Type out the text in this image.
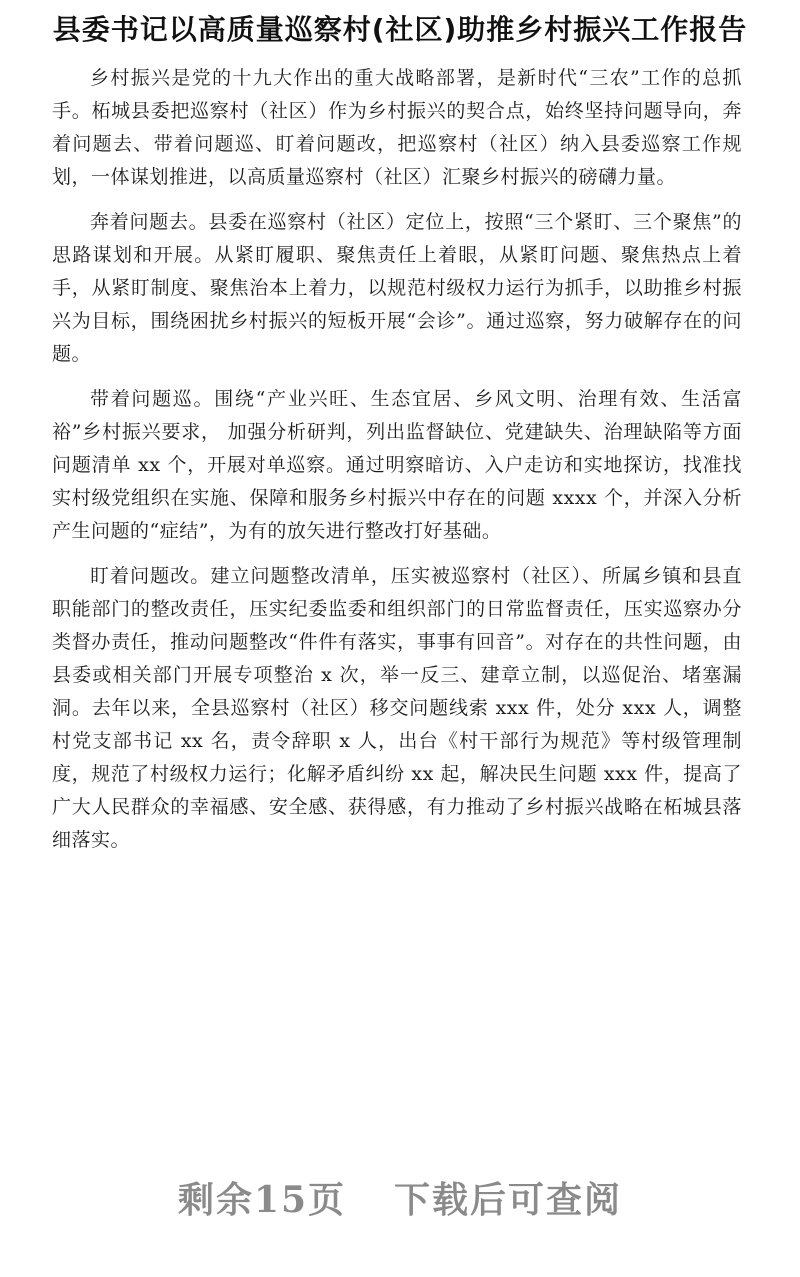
县委书记以高质量巡察村(社区)助推乡村振兴工作报告

乡村振兴是党的十九大作出的重大战略部署，是新时代“三农”工作的总抓手。柘城县委把巡察村（社区）作为乡村振兴的契合点，始终坚持问题导向，奔着问题去、带着问题巡、盯着问题改，把巡察村（社区）纳入县委巡察工作规划，一体谋划推进，以高质量巡察村（社区）汇聚乡村振兴的磅礴力量。

奔着问题去。县委在巡察村（社区）定位上，按照“三个紧盯、三个聚焦”的思路谋划和开展。从紧盯履职、聚焦责任上着眼，从紧盯问题、聚焦热点上着手，从紧盯制度、聚焦治本上着力，以规范村级权力运行为抓手，以助推乡村振兴为目标，围绕困扰乡村振兴的短板开展“会诊”。通过巡察，努力破解存在的问题。

带着问题巡。围绕“产业兴旺、生态宜居、乡风文明、治理有效、生活富裕”乡村振兴要求， 加强分析研判，列出监督缺位、党建缺失、治理缺陷等方面问题清单 xx 个，开展对单巡察。通过明察暗访、入户走访和实地探访，找准找实村级党组织在实施、保障和服务乡村振兴中存在的问题 xxxx 个，并深入分析产生问题的“症结”，为有的放矢进行整改打好基础。

盯着问题改。建立问题整改清单，压实被巡察村（社区）、所属乡镇和县直职能部门的整改责任，压实纪委监委和组织部门的日常监督责任，压实巡察办分类督办责任，推动问题整改“件件有落实，事事有回音”。对存在的共性问题，由县委或相关部门开展专项整治 x 次，举一反三、建章立制，以巡促治、堵塞漏洞。去年以来，全县巡察村（社区）移交问题线索 xxx 件，处分 xxx 人，调整村党支部书记 xx 名，责令辞职 x 人，出台《村干部行为规范》等村级管理制度，规范了村级权力运行；化解矛盾纠纷 xx 起，解决民生问题 xxx 件，提高了广大人民群众的幸福感、安全感、获得感，有力推动了乡村振兴战略在柘城县落细落实。

剩余15页 下载后可查阅
